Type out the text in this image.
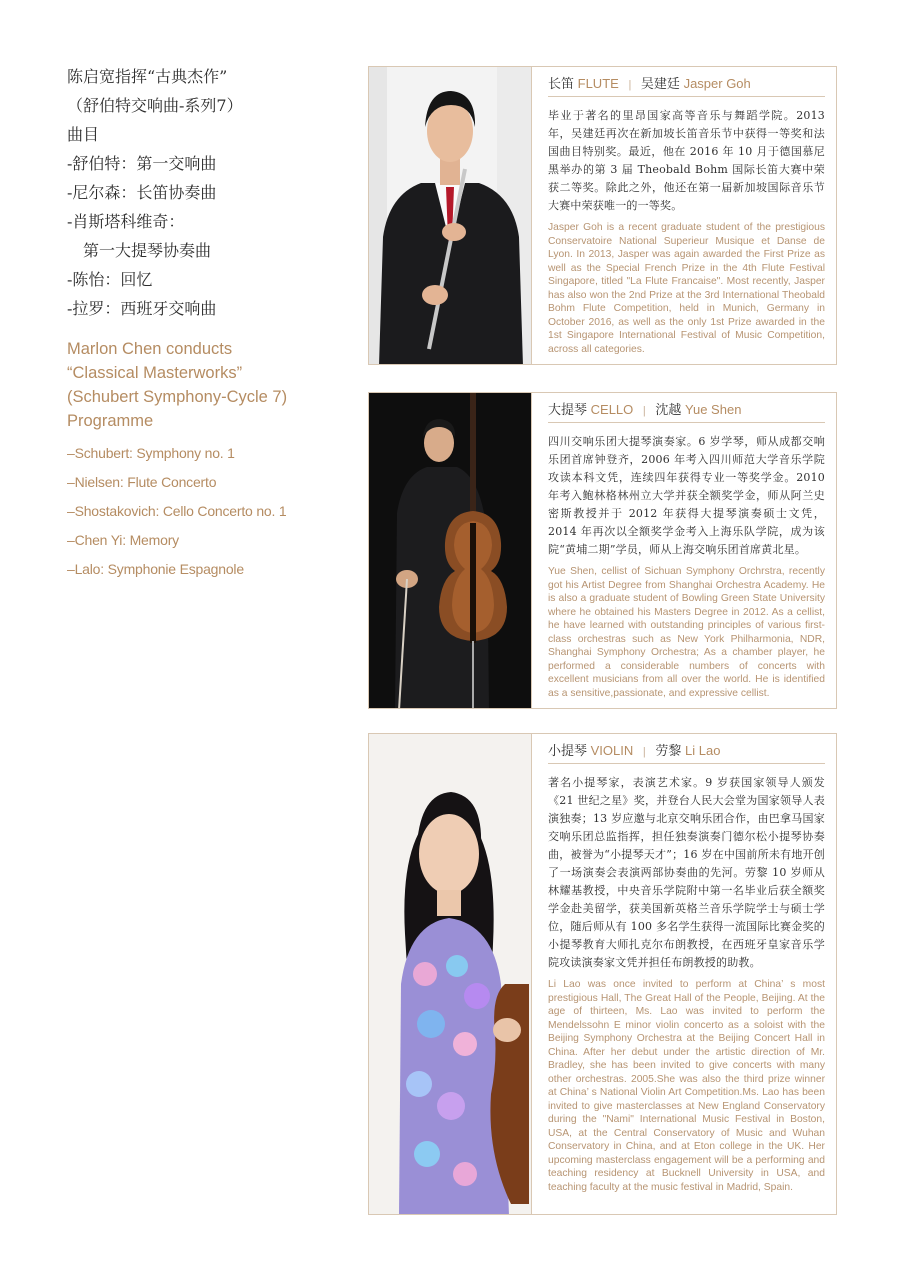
陈启宽指挥“古典杰作”
（舒伯特交响曲-系列7）
曲目
-舒伯特：第一交响曲
-尼尔森：长笛协奏曲
-肖斯塔科维奇：
第一大提琴协奏曲
-陈怡：回忆
-拉罗：西班牙交响曲
Marlon Chen conducts
“Classical Masterworks”
(Schubert Symphony-Cycle 7)
Programme
–Schubert: Symphony no. 1
–Nielsen: Flute Concerto
–Shostakovich: Cello Concerto no. 1
–Chen Yi: Memory
–Lalo: Symphonie Espagnole
长笛 FLUTE | 吴建廷 Jasper Goh
毕业于著名的里昂国家高等音乐与舞蹈学院。2013 年，吴建廷再次在新加坡长笛音乐节中获得一等奖和法国曲目特别奖。最近，他在 2016 年 10 月于德国慕尼黑举办的第 3 届 Theobald Bohm 国际长笛大赛中荣获二等奖。除此之外，他还在第一届新加坡国际音乐节大赛中荣获唯一的一等奖。
Jasper Goh is a recent graduate student of the prestigious Conservatoire National Superieur Musique et Danse de Lyon. In 2013, Jasper was again awarded the First Prize as well as the Special French Prize in the 4th Flute Festival Singapore, titled "La Flute Francaise". Most recently, Jasper has also won the 2nd Prize at the 3rd International Theobald Bohm Flute Competition, held in Munich, Germany in October 2016, as well as the only 1st Prize awarded in the 1st Singapore International Festival of Music Competition, across all categories.
大提琴 CELLO | 沈越 Yue Shen
四川交响乐团大提琴演奏家。6 岁学琴，师从成都交响乐团首席钟登齐，2006 年考入四川师范大学音乐学院攻读本科文凭，连续四年获得专业一等奖学金。2010 年考入鲍林格林州立大学并获全额奖学金，师从阿兰史密斯教授并于 2012 年获得大提琴演奏硕士文凭，2014 年再次以全额奖学金考入上海乐队学院，成为该院“黄埔二期”学员，师从上海交响乐团首席黄北星。
Yue Shen, cellist of Sichuan Symphony Orchrstra, recently got his Artist Degree from Shanghai Orchestra Academy. He is also a graduate student of Bowling Green State University where he obtained his Masters Degree in 2012. As a cellist, he have learned with outstanding principles of various first-class orchestras such as New York Philharmonia, NDR, Shanghai Symphony Orchestra; As a chamber player, he performed a considerable numbers of concerts with excellent musicians from all over the world. He is identified as a sensitive,passionate, and expressive cellist.
小提琴 VIOLIN | 劳黎 Li Lao
著名小提琴家，表演艺术家。9 岁获国家领导人颁发《21 世纪之星》奖，并登台人民大会堂为国家领导人表演独奏；13 岁应邀与北京交响乐团合作，由巴拿马国家交响乐团总监指挥，担任独奏演奏门德尔松小提琴协奏曲，被誉为“小提琴天才”；16 岁在中国前所未有地开创了一场演奏会表演两部协奏曲的先河。劳黎 10 岁师从林耀基教授，中央音乐学院附中第一名毕业后获全额奖学金赴美留学，获美国新英格兰音乐学院学士与硕士学位，随后师从有 100 多名学生获得一流国际比赛金奖的小提琴教育大师扎克尔布朗教授，在西班牙皇家音乐学院攻读演奏家文凭并担任布朗教授的助教。
Li Lao was once invited to perform at China’ s most prestigious Hall, The Great Hall of the People, Beijing. At the age of thirteen, Ms. Lao was invited to perform the Mendelssohn E minor violin concerto as a soloist with the Beijing Symphony Orchestra at the Beijing Concert Hall in China. After her debut under the artistic direction of Mr. Bradley, she has been invited to give concerts with many other orchestras. 2005.She was also the third prize winner at China’ s National Violin Art Competition.Ms. Lao has been invited to give masterclasses at New England Conservatory during the "Nami" International Music Festival in Boston, USA, at the Central Conservatory of Music and Wuhan Conservatory in China, and at Eton college in the UK. Her upcoming masterclass engagement will be a performing and teaching residency at Bucknell University in USA, and teaching faculty at the music festival in Madrid, Spain.
